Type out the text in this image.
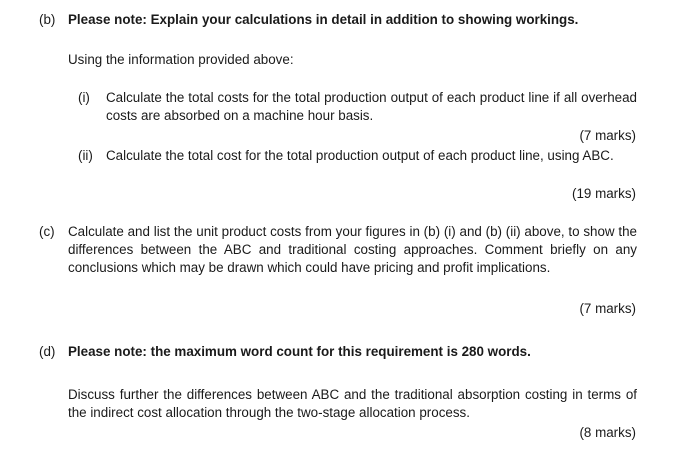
(b) Please note: Explain your calculations in detail in addition to showing workings.
Using the information provided above:
(i) Calculate the total costs for the total production output of each product line if all overhead costs are absorbed on a machine hour basis.
(7 marks)
(ii) Calculate the total cost for the total production output of each product line, using ABC.
(19 marks)
(c) Calculate and list the unit product costs from your figures in (b) (i) and (b) (ii) above, to show the differences between the ABC and traditional costing approaches. Comment briefly on any conclusions which may be drawn which could have pricing and profit implications.
(7 marks)
(d) Please note: the maximum word count for this requirement is 280 words.
Discuss further the differences between ABC and the traditional absorption costing in terms of the indirect cost allocation through the two-stage allocation process.
(8 marks)
